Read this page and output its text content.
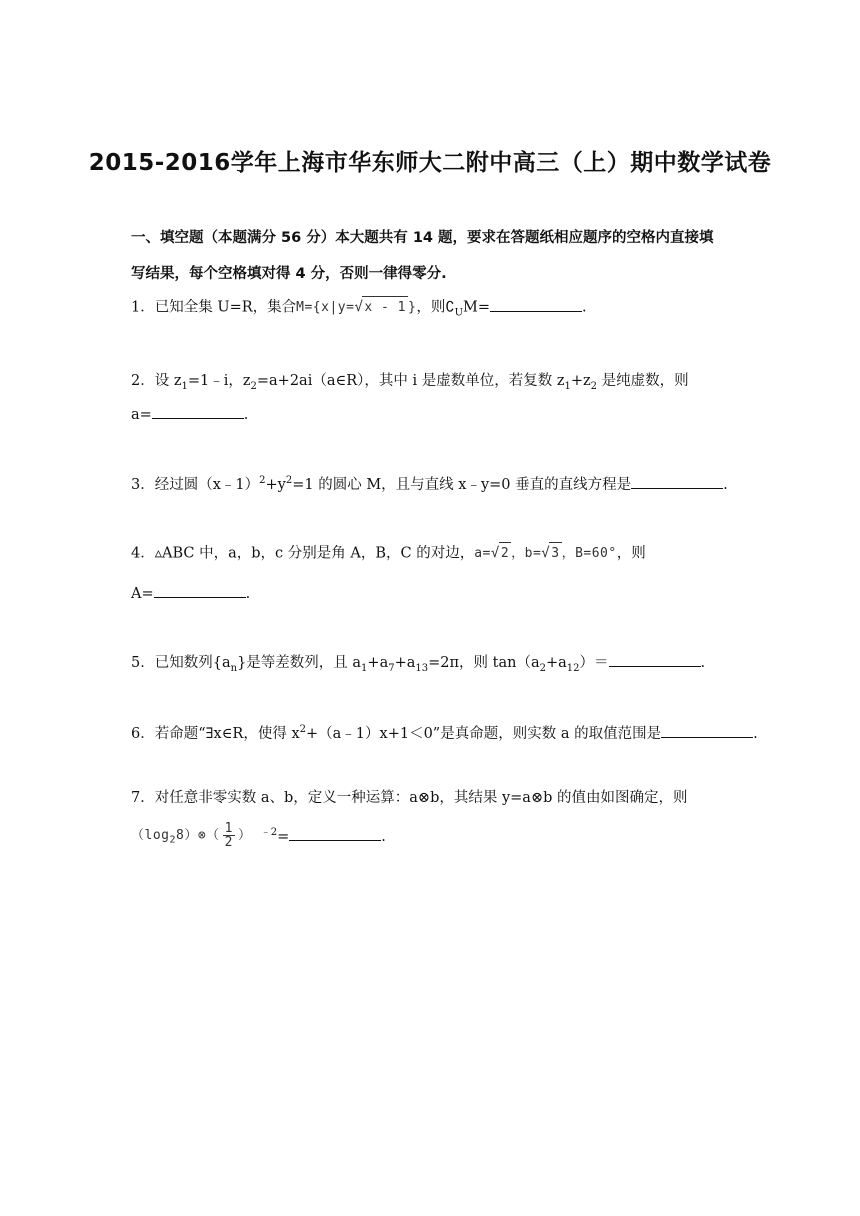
2015-2016学年上海市华东师大二附中高三（上）期中数学试卷
一、填空题（本题满分 56 分）本大题共有 14 题，要求在答题纸相应题序的空格内直接填
写结果，每个空格填对得 4 分，否则一律得零分.
1．已知全集 U=R，集合M={x|y=√x - 1 }，则$∁_UM=$	.
2．设 $z_1=1﹣i$，$z_2=a+2ai(a\in R)$，其中 i 是虚数单位，若复数 $z_1+z_2$ 是纯虚数，则
a=	.
3．经过圆$(x﹣1)^2+y^2=1$ 的圆心 M，且与直线 x﹣y=0 垂直的直线方程是	.
4．▵ABC 中，a，b，c 分别是角 A，B，C 的对边，a=√2 ，b=√3 ，B=60°，则
A=	.
5．已知数列$\{a_n\}$是等差数列，且 $a_1+a_7+a_{13}=2\pi$，则 $\tan(a_2+a_{12})=$	.
6．若命题“∃x∈R，使得 $x^2+(a﹣1)x+1<0$”是真命题，则实数 a 的取值范围是	.
7．对任意非零实数 a、b，定义一种运算：a⊗b，其结果 y=a⊗b 的值由如图确定，则
$(\log_28)\otimes( \frac{1}{2}$ ） $^{﹣2}$=	.
